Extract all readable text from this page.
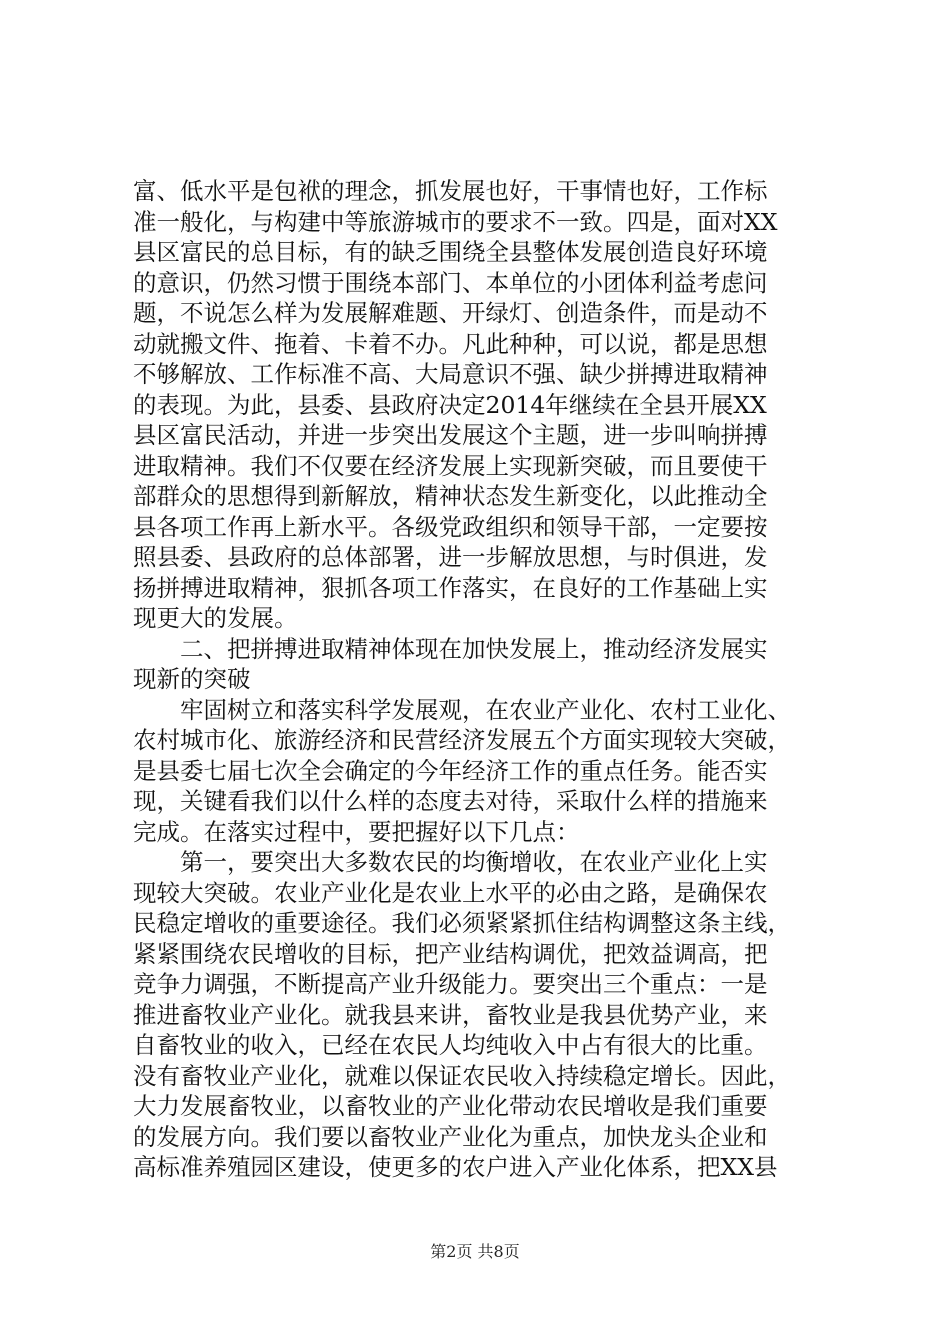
富、低水平是包袱的理念，抓发展也好，干事情也好，工作标
准一般化，与构建中等旅游城市的要求不一致。四是，面对XX
县区富民的总目标，有的缺乏围绕全县整体发展创造良好环境
的意识，仍然习惯于围绕本部门、本单位的小团体利益考虑问
题，不说怎么样为发展解难题、开绿灯、创造条件，而是动不
动就搬文件、拖着、卡着不办。凡此种种，可以说，都是思想
不够解放、工作标准不高、大局意识不强、缺少拼搏进取精神
的表现。为此，县委、县政府决定2014年继续在全县开展XX
县区富民活动，并进一步突出发展这个主题，进一步叫响拼搏
进取精神。我们不仅要在经济发展上实现新突破，而且要使干
部群众的思想得到新解放，精神状态发生新变化，以此推动全
县各项工作再上新水平。各级党政组织和领导干部，一定要按
照县委、县政府的总体部署，进一步解放思想，与时俱进，发
扬拼搏进取精神，狠抓各项工作落实，在良好的工作基础上实
现更大的发展。
　　二、把拼搏进取精神体现在加快发展上，推动经济发展实
现新的突破
　　牢固树立和落实科学发展观，在农业产业化、农村工业化、
农村城市化、旅游经济和民营经济发展五个方面实现较大突破，
是县委七届七次全会确定的今年经济工作的重点任务。能否实
现，关键看我们以什么样的态度去对待，采取什么样的措施来
完成。在落实过程中，要把握好以下几点：
　　第一，要突出大多数农民的均衡增收，在农业产业化上实
现较大突破。农业产业化是农业上水平的必由之路，是确保农
民稳定增收的重要途径。我们必须紧紧抓住结构调整这条主线，
紧紧围绕农民增收的目标，把产业结构调优，把效益调高，把
竞争力调强，不断提高产业升级能力。要突出三个重点：一是
推进畜牧业产业化。就我县来讲，畜牧业是我县优势产业，来
自畜牧业的收入，已经在农民人均纯收入中占有很大的比重。
没有畜牧业产业化，就难以保证农民收入持续稳定增长。因此，
大力发展畜牧业，以畜牧业的产业化带动农民增收是我们重要
的发展方向。我们要以畜牧业产业化为重点，加快龙头企业和
高标准养殖园区建设，使更多的农户进入产业化体系，把XX县
第2页 共8页
